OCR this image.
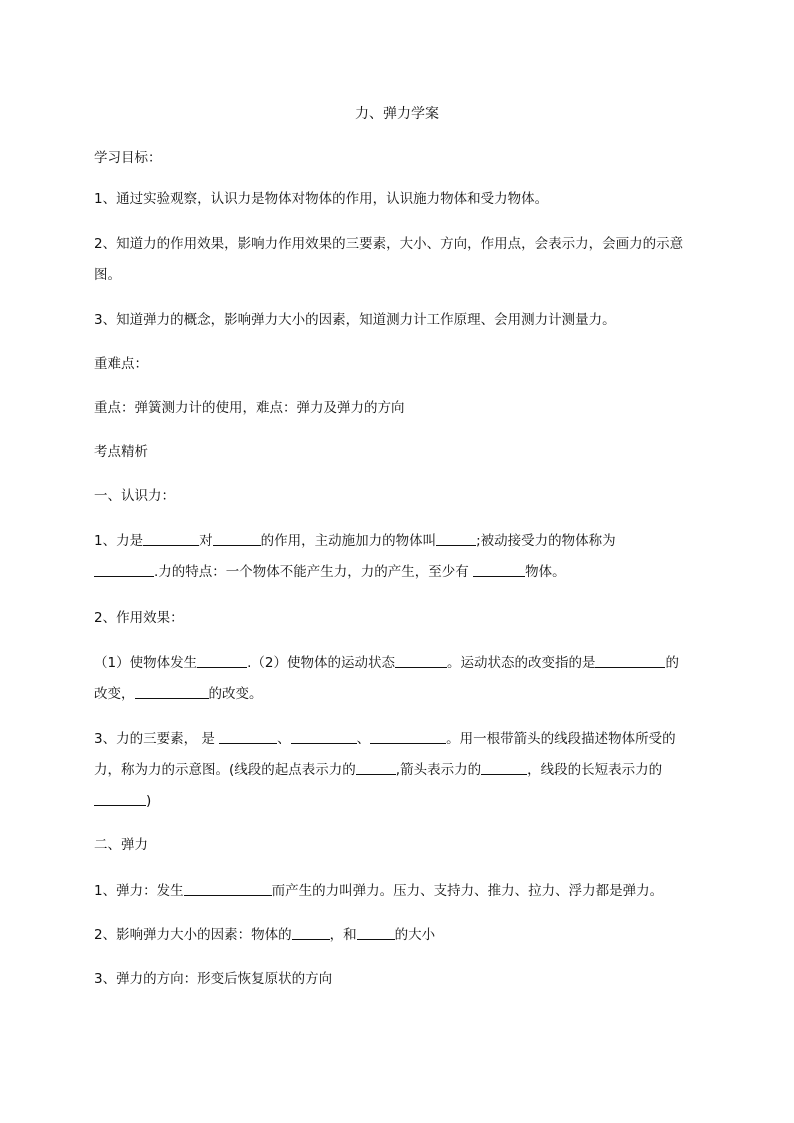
力、弹力学案
学习目标：
1、通过实验观察，认识力是物体对物体的作用，认识施力物体和受力物体。
2、知道力的作用效果，影响力作用效果的三要素，大小、方向，作用点，会表示力，会画力的示意
图。
3、知道弹力的概念，影响弹力大小的因素，知道测力计工作原理、会用测力计测量力。
重难点：
重点：弹簧测力计的使用，难点：弹力及弹力的方向
考点精析
一、认识力：
1、力是	对	的作用，主动施加力的物体叫	;被动接受力的物体称为
.力的特点：一个物体不能产生力，力的产生，至少有	物体。
2、作用效果：
（1）使物体发生	.（2）使物体的运动状态	。运动状态的改变指的是	的
改变，	的改变。
3、力的三要素， 是	、	、	。用一根带箭头的线段描述物体所受的
力，称为力的示意图。(线段的起点表示力的	,箭头表示力的	，线段的长短表示力的
)
二、弹力
1、弹力：发生	而产生的力叫弹力。压力、支持力、推力、拉力、浮力都是弹力。
2、影响弹力大小的因素：物体的	，和	的大小
3、弹力的方向：形变后恢复原状的方向
